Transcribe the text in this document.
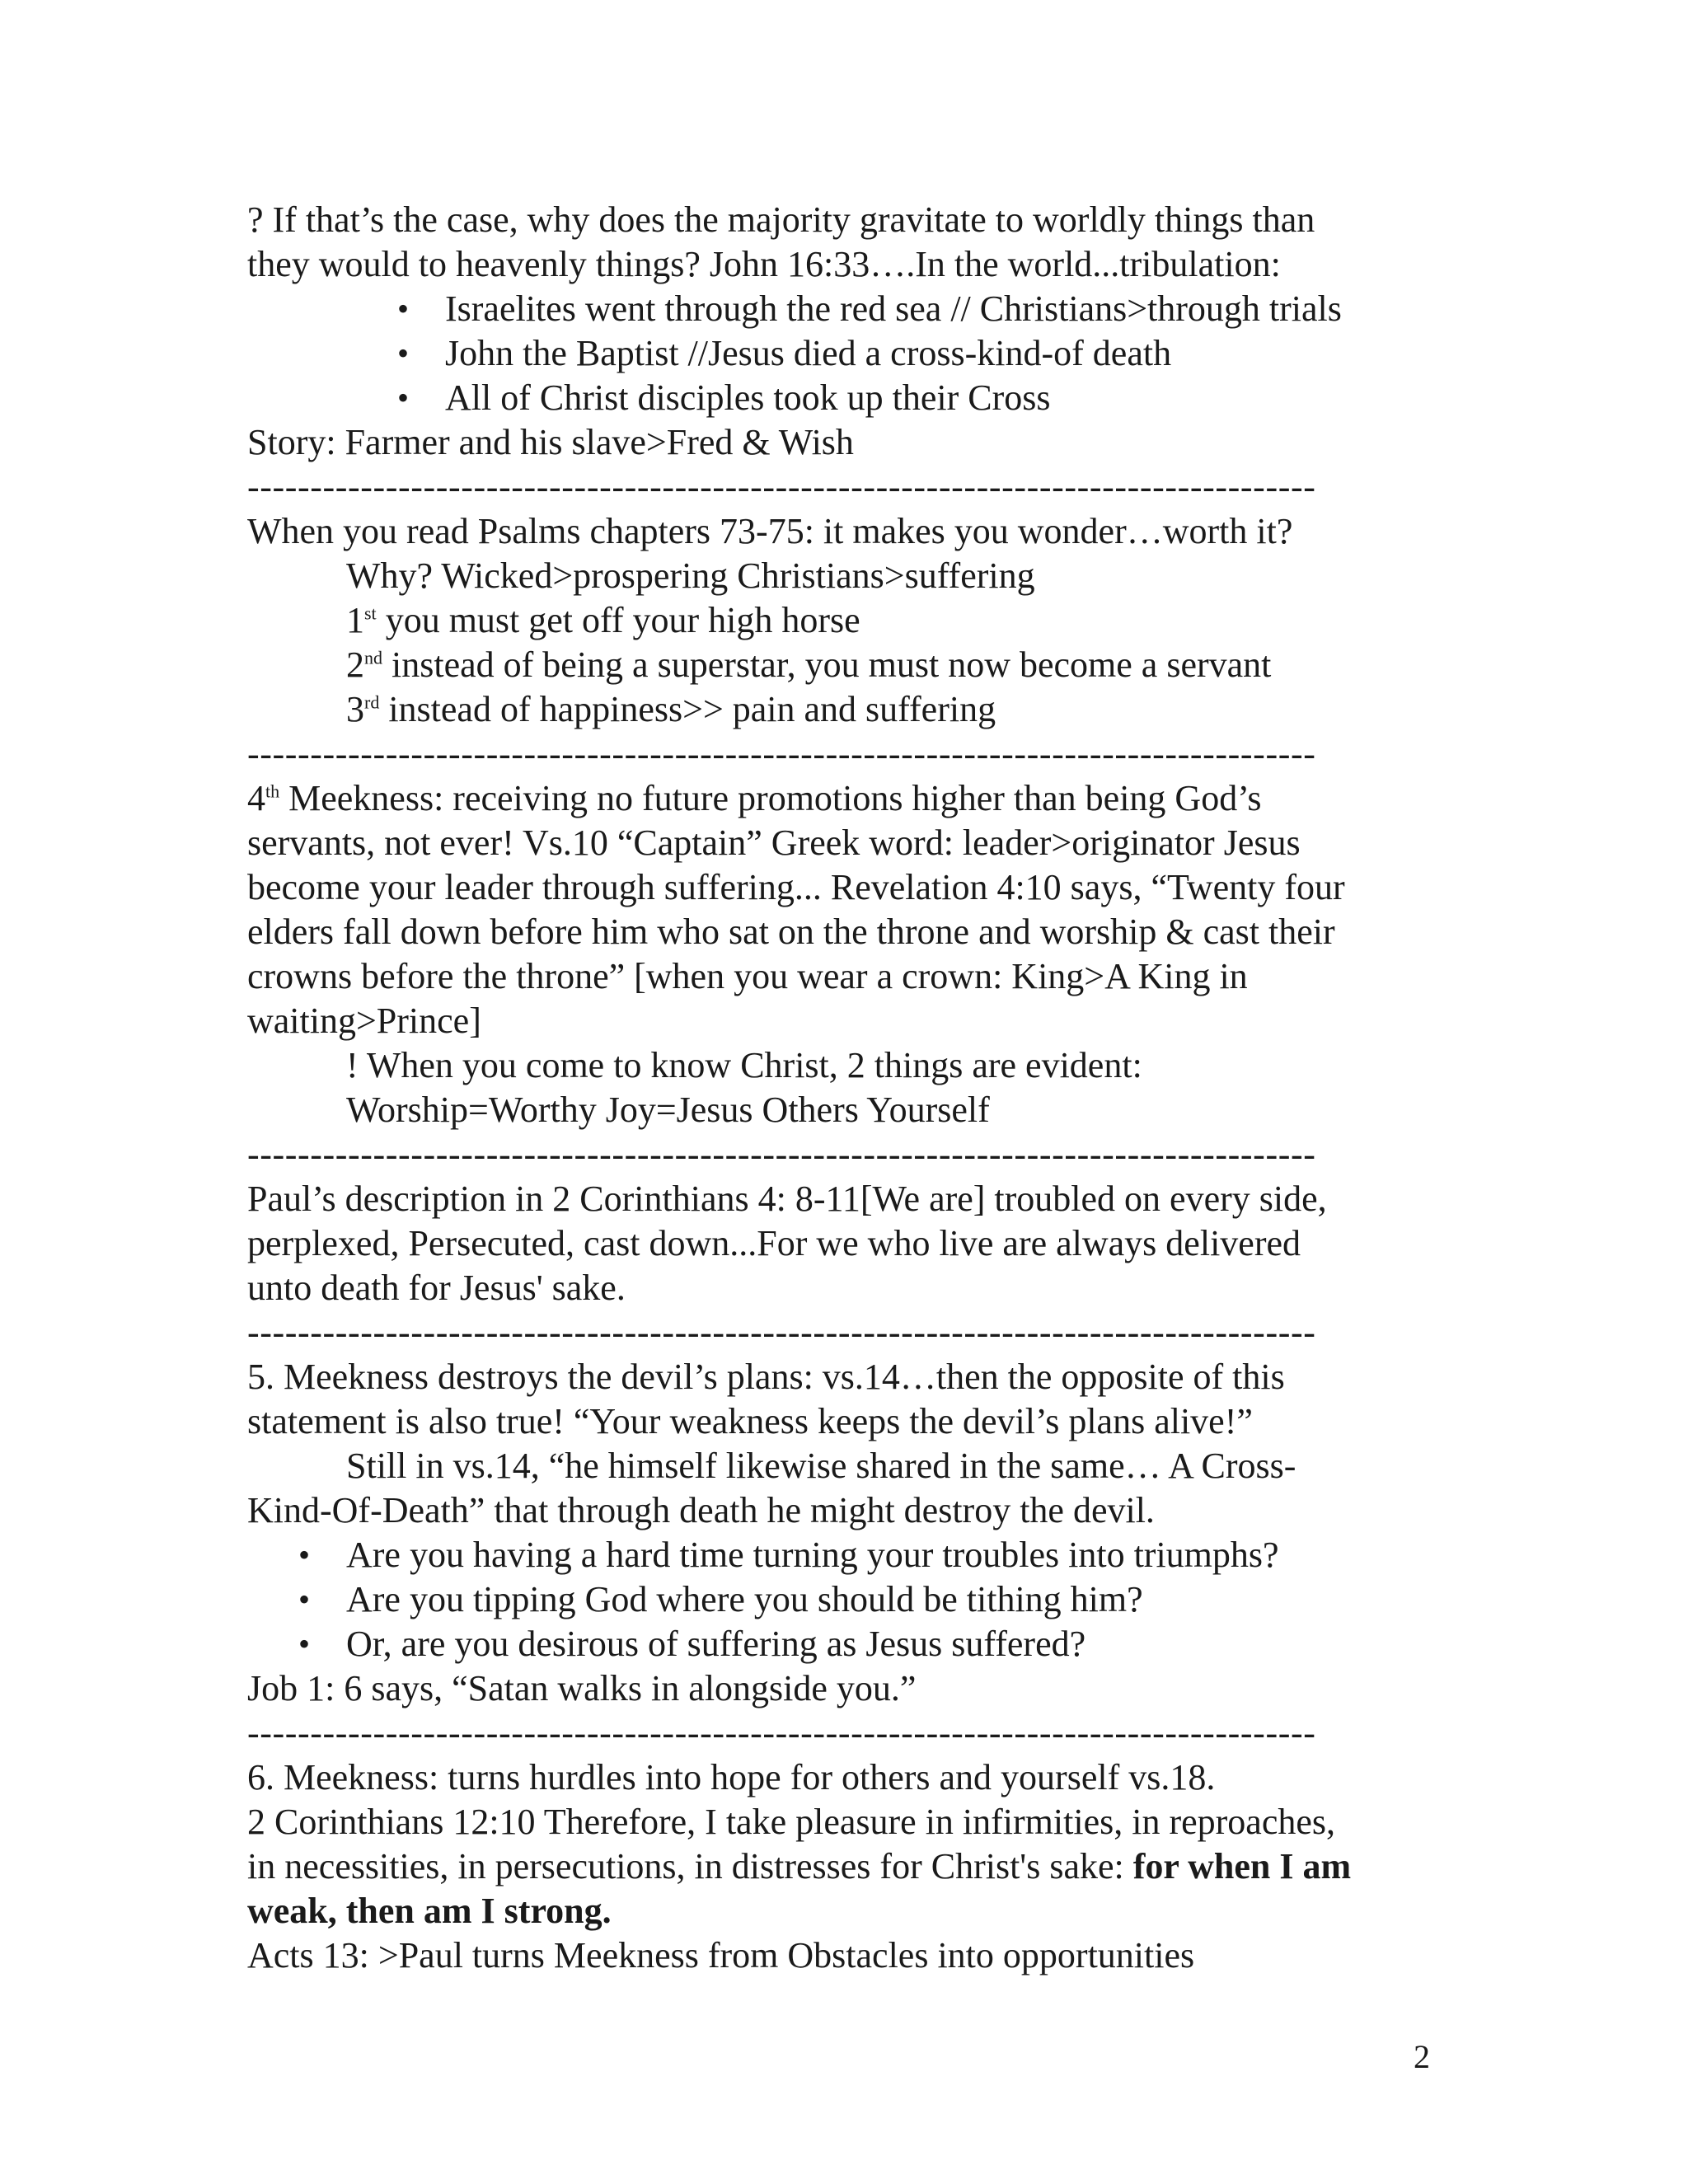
? If that’s the case, why does the majority gravitate to worldly things than
they would to heavenly things? John 16:33….In the world...tribulation:
• Israelites went through the red sea // Christians>through trials
• John the Baptist //Jesus died a cross-kind-of death
• All of Christ disciples took up their Cross
Story: Farmer and his slave>Fred & Wish
-------------------------------------------------------------------------------------
When you read Psalms chapters 73-75: it makes you wonder…worth it?
Why? Wicked>prospering Christians>suffering
1st you must get off your high horse
2nd instead of being a superstar, you must now become a servant
3rd instead of happiness>> pain and suffering
-------------------------------------------------------------------------------------
4th Meekness: receiving no future promotions higher than being God’s
servants, not ever! Vs.10 “Captain” Greek word: leader>originator Jesus
become your leader through suffering... Revelation 4:10 says, “Twenty four
elders fall down before him who sat on the throne and worship & cast their
crowns before the throne” [when you wear a crown: King>A King in
waiting>Prince]
! When you come to know Christ, 2 things are evident:
Worship=Worthy Joy=Jesus Others Yourself
-------------------------------------------------------------------------------------
Paul’s description in 2 Corinthians 4: 8-11[We are] troubled on every side,
perplexed, Persecuted, cast down...For we who live are always delivered
unto death for Jesus' sake.
-------------------------------------------------------------------------------------
5. Meekness destroys the devil’s plans: vs.14…then the opposite of this
statement is also true! “Your weakness keeps the devil’s plans alive!”
Still in vs.14, “he himself likewise shared in the same… A Cross-
Kind-Of-Death” that through death he might destroy the devil.
• Are you having a hard time turning your troubles into triumphs?
• Are you tipping God where you should be tithing him?
• Or, are you desirous of suffering as Jesus suffered?
Job 1: 6 says, “Satan walks in alongside you.”
-------------------------------------------------------------------------------------
6. Meekness: turns hurdles into hope for others and yourself vs.18.
2 Corinthians 12:10 Therefore, I take pleasure in infirmities, in reproaches,
in necessities, in persecutions, in distresses for Christ's sake: for when I am
weak, then am I strong.
Acts 13: >Paul turns Meekness from Obstacles into opportunities
2
